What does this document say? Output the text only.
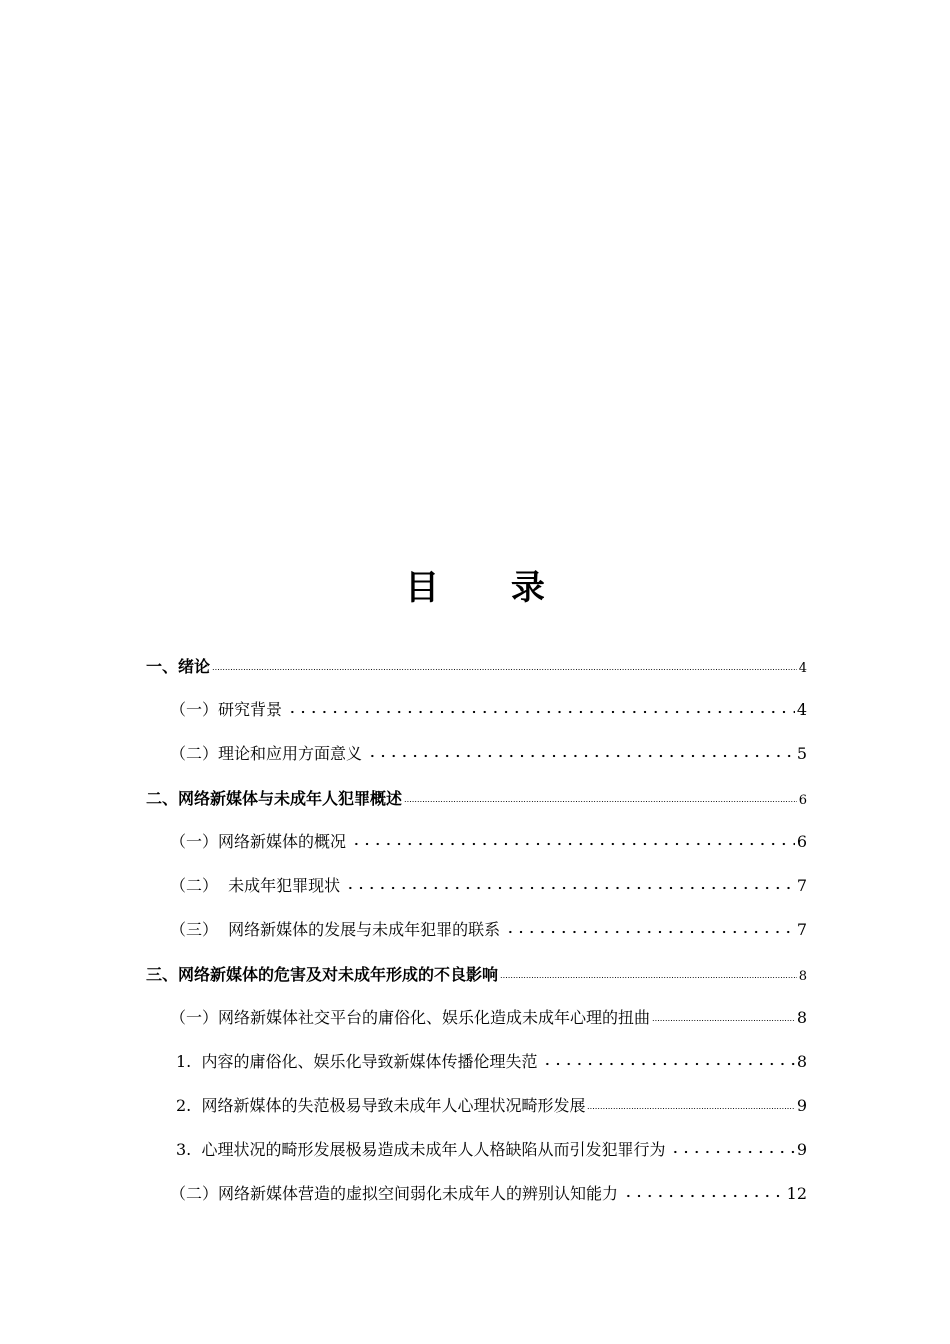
目 录
一、绪论	4
（一）研究背景	4
（二）理论和应用方面意义	5
二、网络新媒体与未成年人犯罪概述	6
（一）网络新媒体的概况	6
（二）  未成年犯罪现状	7
（三）  网络新媒体的发展与未成年犯罪的联系	7
三、网络新媒体的危害及对未成年形成的不良影响	8
（一）网络新媒体社交平台的庸俗化、娱乐化造成未成年心理的扭曲	8
1.  内容的庸俗化、娱乐化导致新媒体传播伦理失范	8
2.  网络新媒体的失范极易导致未成年人心理状况畸形发展	9
3.  心理状况的畸形发展极易造成未成年人人格缺陷从而引发犯罪行为	9
（二）网络新媒体营造的虚拟空间弱化未成年人的辨别认知能力	12
